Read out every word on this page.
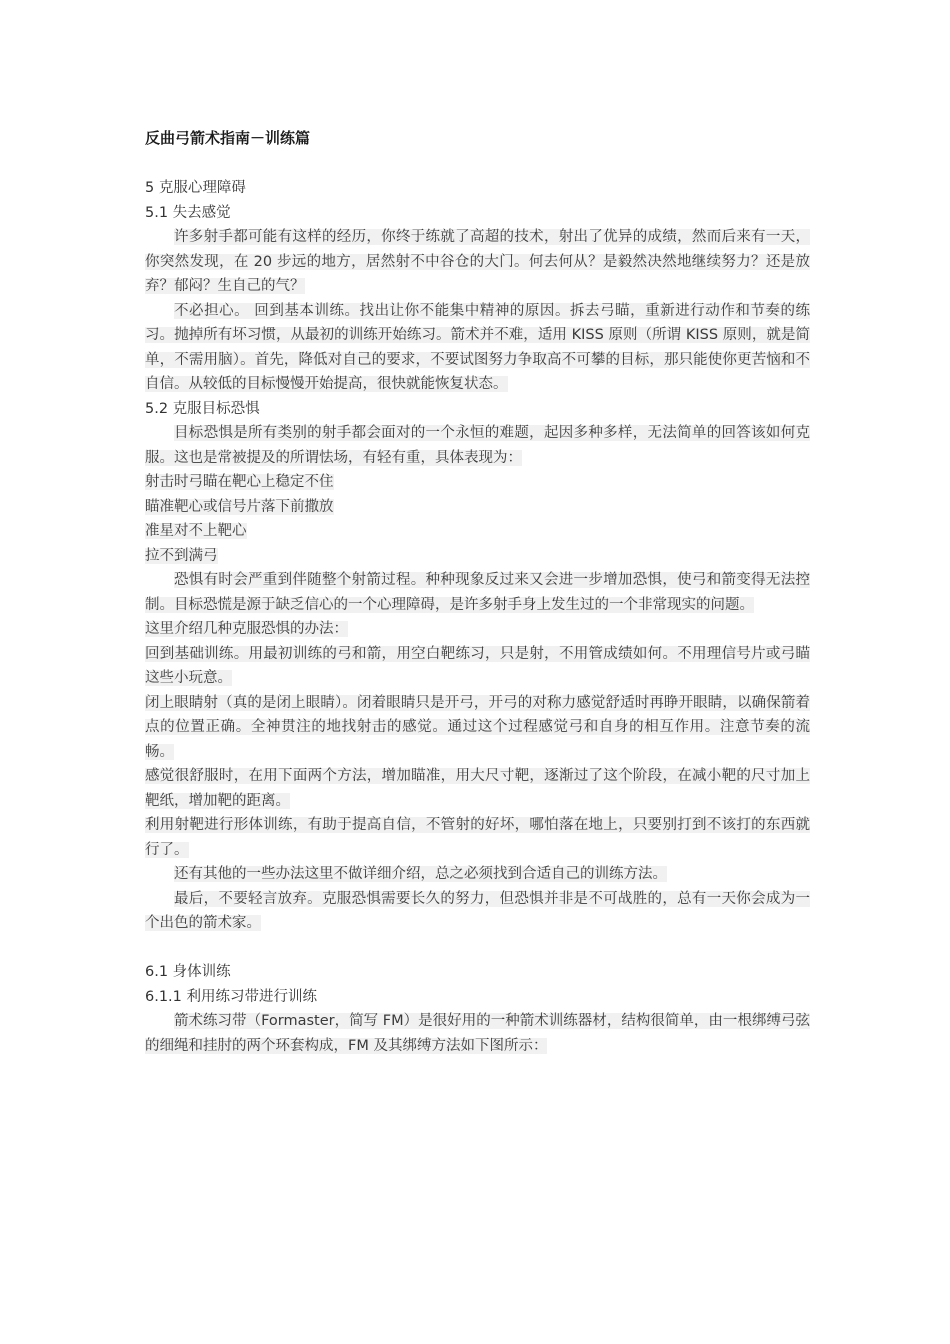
反曲弓箭术指南－训练篇

5 克服心理障碍

5.1 失去感觉

许多射手都可能有这样的经历，你终于练就了高超的技术，射出了优异的成绩，然而后来有一天，你突然发现，在 20 步远的地方，居然射不中谷仓的大门。何去何从？是毅然决然地继续努力？还是放弃？郁闷？生自己的气？

不必担心。 回到基本训练。找出让你不能集中精神的原因。拆去弓瞄，重新进行动作和节奏的练习。抛掉所有坏习惯，从最初的训练开始练习。箭术并不难，适用 KISS 原则（所谓 KISS 原则，就是简单，不需用脑）。首先，降低对自己的要求，不要试图努力争取高不可攀的目标，那只能使你更苦恼和不自信。从较低的目标慢慢开始提高，很快就能恢复状态。

5.2 克服目标恐惧

目标恐惧是所有类别的射手都会面对的一个永恒的难题，起因多种多样，无法简单的回答该如何克服。这也是常被提及的所谓怯场，有轻有重，具体表现为：

射击时弓瞄在靶心上稳定不住

瞄准靶心或信号片落下前撒放

准星对不上靶心

拉不到满弓

恐惧有时会严重到伴随整个射箭过程。种种现象反过来又会进一步增加恐惧，使弓和箭变得无法控制。目标恐慌是源于缺乏信心的一个心理障碍，是许多射手身上发生过的一个非常现实的问题。

这里介绍几种克服恐惧的办法：

回到基础训练。用最初训练的弓和箭，用空白靶练习，只是射，不用管成绩如何。不用理信号片或弓瞄这些小玩意。

闭上眼睛射（真的是闭上眼睛）。闭着眼睛只是开弓，开弓的对称力感觉舒适时再睁开眼睛，以确保箭着点的位置正确。全神贯注的地找射击的感觉。通过这个过程感觉弓和自身的相互作用。注意节奏的流畅。

感觉很舒服时，在用下面两个方法，增加瞄准，用大尺寸靶，逐渐过了这个阶段，在减小靶的尺寸加上靶纸，增加靶的距离。

利用射靶进行形体训练，有助于提高自信，不管射的好坏，哪怕落在地上，只要别打到不该打的东西就行了。

还有其他的一些办法这里不做详细介绍，总之必须找到合适自己的训练方法。

最后，不要轻言放弃。克服恐惧需要长久的努力，但恐惧并非是不可战胜的，总有一天你会成为一个出色的箭术家。

6.1 身体训练

6.1.1 利用练习带进行训练

箭术练习带（Formaster，简写 FM）是很好用的一种箭术训练器材，结构很简单，由一根绑缚弓弦的细绳和挂肘的两个环套构成，FM 及其绑缚方法如下图所示：
